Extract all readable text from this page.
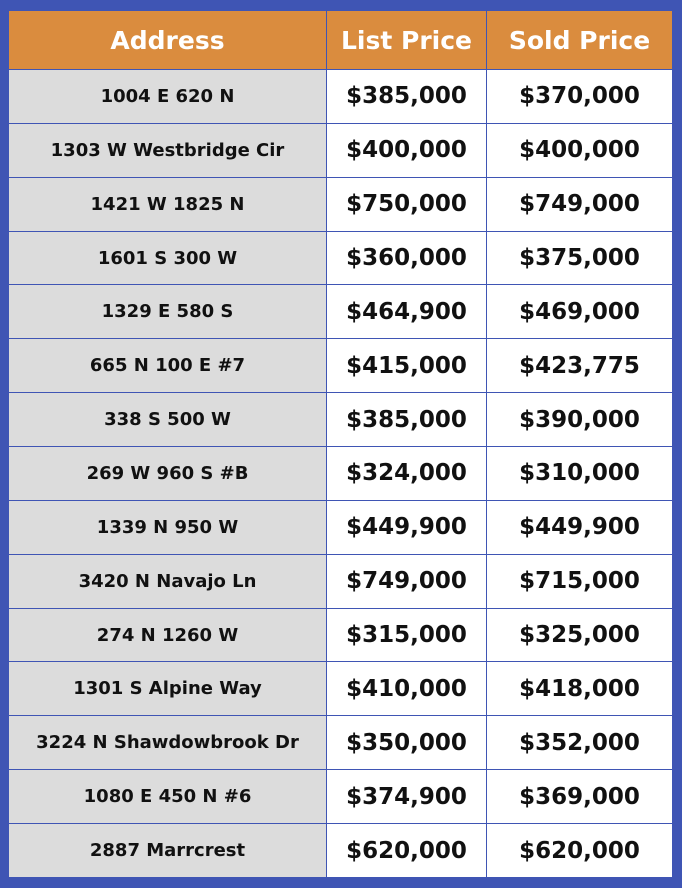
Address	List Price	Sold Price
1004 E 620 N	$385,000	$370,000
1303 W Westbridge Cir	$400,000	$400,000
1421 W 1825 N	$750,000	$749,000
1601 S 300 W	$360,000	$375,000
1329 E 580 S	$464,900	$469,000
665 N 100 E #7	$415,000	$423,775
338 S 500 W	$385,000	$390,000
269 W 960 S #B	$324,000	$310,000
1339 N 950 W	$449,900	$449,900
3420 N Navajo Ln	$749,000	$715,000
274 N 1260 W	$315,000	$325,000
1301 S Alpine Way	$410,000	$418,000
3224 N Shawdowbrook Dr	$350,000	$352,000
1080 E 450 N #6	$374,900	$369,000
2887 Marrcrest	$620,000	$620,000
